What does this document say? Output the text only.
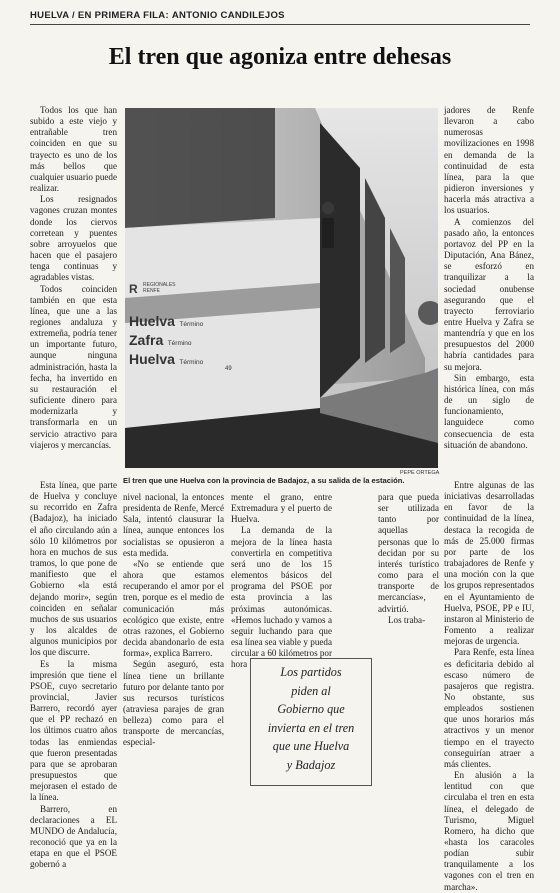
HUELVA / EN PRIMERA FILA: ANTONIO CANDILEJOS
El tren que agoniza entre dehesas

Todos los que han subido a este viejo y entrañable tren coinciden en que su trayecto es uno de los más bellos que cualquier usuario puede realizar.

Los resignados vagones cruzan montes donde los ciervos corretean y puentes sobre arroyuelos que hacen que el pasajero tenga continuas y agradables vistas.

Todos coinciden también en que esta línea, que une a las regiones andaluza y extremeña, podría tener un importante futuro, aunque ninguna administración, hasta la fecha, ha invertido en su restauración el suficiente dinero para modernizarla y transformarla en un servicio atractivo para viajeros y mercancías.

R REGIONALES
RENFE
Huelva Término
Zafra Término
Huelva Término
49
PEPE ORTEGA
El tren que une Huelva con la provincia de Badajoz, a su salida de la estación.

jadores de Renfe llevaron a cabo numerosas movilizaciones en 1998 en demanda de la continuidad de esta línea, para la que pidieron inversiones y hacerla más atractiva a los usuarios.

A comienzos del pasado año, la entonces portavoz del PP en la Diputación, Ana Bánez, se esforzó en tranquilizar a la sociedad onubense asegurando que el trayecto ferroviario entre Huelva y Zafra se mantendría y que en los presupuestos del 2000 habría cantidades para su mejora.

Sin embargo, esta histórica línea, con más de un siglo de funcionamiento, languidece como consecuencia de esta situación de abandono.

Esta línea, que parte de Huelva y concluye su recorrido en Zafra (Badajoz), ha iniciado el año circulando aún a sólo 10 kilómetros por hora en muchos de sus tramos, lo que pone de manifiesto que el Gobierno «la está dejando morir», según coinciden en señalar muchos de sus usuarios y los alcaldes de algunos municipios por los que discurre.

Es la misma impresión que tiene el PSOE, cuyo secretario provincial, Javier Barrero, recordó ayer que el PP rechazó en los últimos cuatro años todas las enmiendas que fueron presentadas para que se aprobaran presupuestos que mejorasen el estado de la línea.

Barrero, en declaraciones a EL MUNDO de Andalucía, reconoció que ya en la etapa en que el PSOE gobernó a

nivel nacional, la entonces presidenta de Renfe, Mercé Sala, intentó clausurar la línea, aunque entonces los socialistas se opusieron a esta medida.

«No se entiende que ahora que estamos recuperando el amor por el tren, porque es el medio de comunicación más ecológico que existe, entre otras razones, el Gobierno decida abandonarlo de esta forma», explica Barrero.

Según aseguró, esta línea tiene un brillante futuro por delante tanto por sus recursos turísticos (atraviesa parajes de gran belleza) como para el transporte de mercancías, especial-

mente el grano, entre Extremadura y el puerto de Huelva.

La demanda de la mejora de la línea hasta convertirla en competitiva será uno de los 15 elementos básicos del programa del PSOE por esta provincia a las próximas autonómicas. «Hemos luchado y vamos a seguir luchando para que esa línea sea viable y pueda circular a 60 kilómetros por hora

para que pueda ser utilizada tanto por aquellas personas que lo decidan por su interés turístico como para el transporte de mercancías», advirtió.

Los traba-

Entre algunas de las iniciativas desarrolladas en favor de la continuidad de la línea, destaca la recogida de más de 25.000 firmas por parte de los trabajadores de Renfe y una moción con la que los grupos representados en el Ayuntamiento de Huelva, PSOE, PP e IU, instaron al Ministerio de Fomento a realizar mejoras de urgencia.

Para Renfe, esta línea es deficitaria debido al escaso número de pasajeros que registra. No obstante, sus empleados sostienen que unos horarios más atractivos y un menor tiempo en el trayecto conseguirían atraer a más clientes.

En alusión a la lentitud con que circulaba el tren en esta línea, el delegado de Turismo, Miguel Romero, ha dicho que «hasta los caracoles podían subir tranquilamente a los vagones con el tren en marcha».

Los partidos
piden al
Gobierno que
invierta en el tren
que une Huelva
y Badajoz
